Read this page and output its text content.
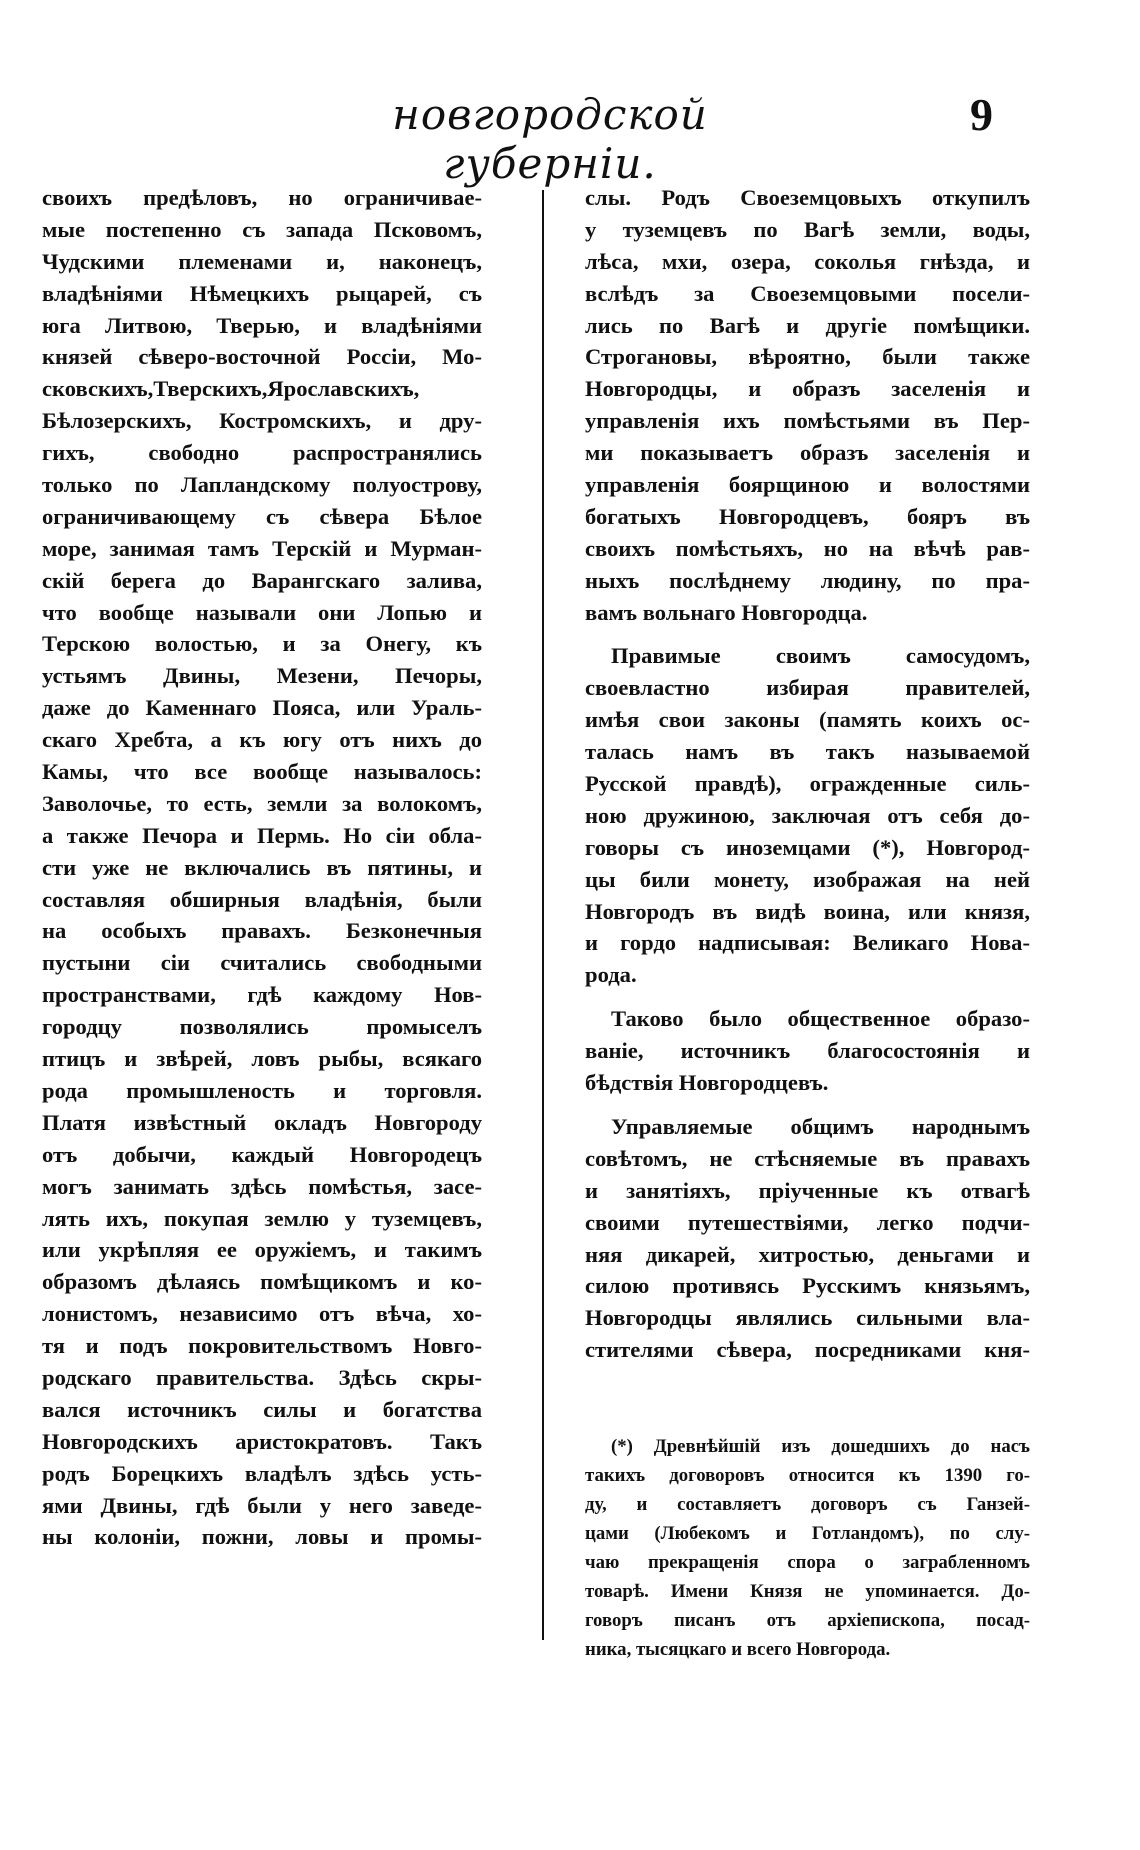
новгородской губерніи.
9
своихъ предѣловъ, но ограничивае-
мые постепенно съ запада Псковомъ,
Чудскими племенами и, наконецъ,
владѣніями Нѣмецкихъ рыцарей, съ
юга Литвою, Тверью, и владѣніями
князей сѣверо-восточной Россіи, Мо-
сковскихъ,Тверскихъ,Ярославскихъ,
Бѣлозерскихъ, Костромскихъ, и дру-
гихъ, свободно распространялись
только по Лапландскому полуострову,
ограничивающему съ сѣвера Бѣлое
море, занимая тамъ Терскій и Мурман-
скій берега до Варангскаго залива,
что вообще называли они Лопью и
Терскою волостью, и за Онегу, къ
устьямъ Двины, Мезени, Печоры,
даже до Каменнаго Пояса, или Ураль-
скаго Хребта, а къ югу отъ нихъ до
Камы, что все вообще называлось:
Заволочье, то есть, земли за волокомъ,
а также Печора и Пермь. Но сіи обла-
сти уже не включались въ пятины, и
составляя обширныя владѣнія, были
на особыхъ правахъ. Безконечныя
пустыни сіи считались свободными
пространствами, гдѣ каждому Нов-
городцу позволялись промыселъ
птицъ и звѣрей, ловъ рыбы, всякаго
рода промышленость и торговля.
Платя извѣстный окладъ Новгороду
отъ добычи, каждый Новгородецъ
могъ занимать здѣсь помѣстья, засе-
лять ихъ, покупая землю у туземцевъ,
или укрѣпляя ее оружіемъ, и такимъ
образомъ дѣлаясь помѣщикомъ и ко-
лонистомъ, независимо отъ вѣча, хо-
тя и подъ покровительствомъ Новго-
родскаго правительства. Здѣсь скры-
вался источникъ силы и богатства
Новгородскихъ аристократовъ. Такъ
родъ Борецкихъ владѣлъ здѣсь усть-
ями Двины, гдѣ были у него заведе-
ны колоніи, пожни, ловы и промы-
слы. Родъ Своеземцовыхъ откупилъ
у туземцевъ по Вагѣ земли, воды,
лѣса, мхи, озера, соколья гнѣзда, и
вслѣдъ за Своеземцовыми посели-
лись по Вагѣ и другіе помѣщики.
Строгановы, вѣроятно, были также
Новгородцы, и образъ заселенія и
управленія ихъ помѣстьями въ Пер-
ми показываетъ образъ заселенія и
управленія боярщиною и волостями
богатыхъ Новгородцевъ, бояръ въ
своихъ помѣстьяхъ, но на вѣчѣ рав-
ныхъ послѣднему людину, по пра-
вамъ вольнаго Новгородца.
Правимые своимъ самосудомъ,
своевластно избирая правителей,
имѣя свои законы (память коихъ ос-
талась намъ въ такъ называемой
Русской правдѣ), огражденные силь-
ною дружиною, заключая отъ себя до-
говоры съ иноземцами (*), Новгород-
цы били монету, изображая на ней
Новгородъ въ видѣ воина, или князя,
и гордо надписывая: Великаго Нова-
рода.
Таково было общественное образо-
ваніе, источникъ благосостоянія и
бѣдствія Новгородцевъ.
Управляемые общимъ народнымъ
совѣтомъ, не стѣсняемые въ правахъ
и занятіяхъ, пріученные къ отвагѣ
своими путешествіями, легко подчи-
няя дикарей, хитростью, деньгами и
силою противясь Русскимъ князьямъ,
Новгородцы являлись сильными вла-
стителями сѣвера, посредниками кня-
(*) Древнѣйшій изъ дошедшихъ до насъ
такихъ договоровъ относится къ 1390 го-
ду, и составляетъ договоръ съ Ганзей-
цами (Любекомъ и Готландомъ), по слу-
чаю прекращенія спора о заграбленномъ
товарѣ. Имени Князя не упоминается. До-
говоръ писанъ отъ архіепископа, посад-
ника, тысяцкаго и всего Новгорода.
